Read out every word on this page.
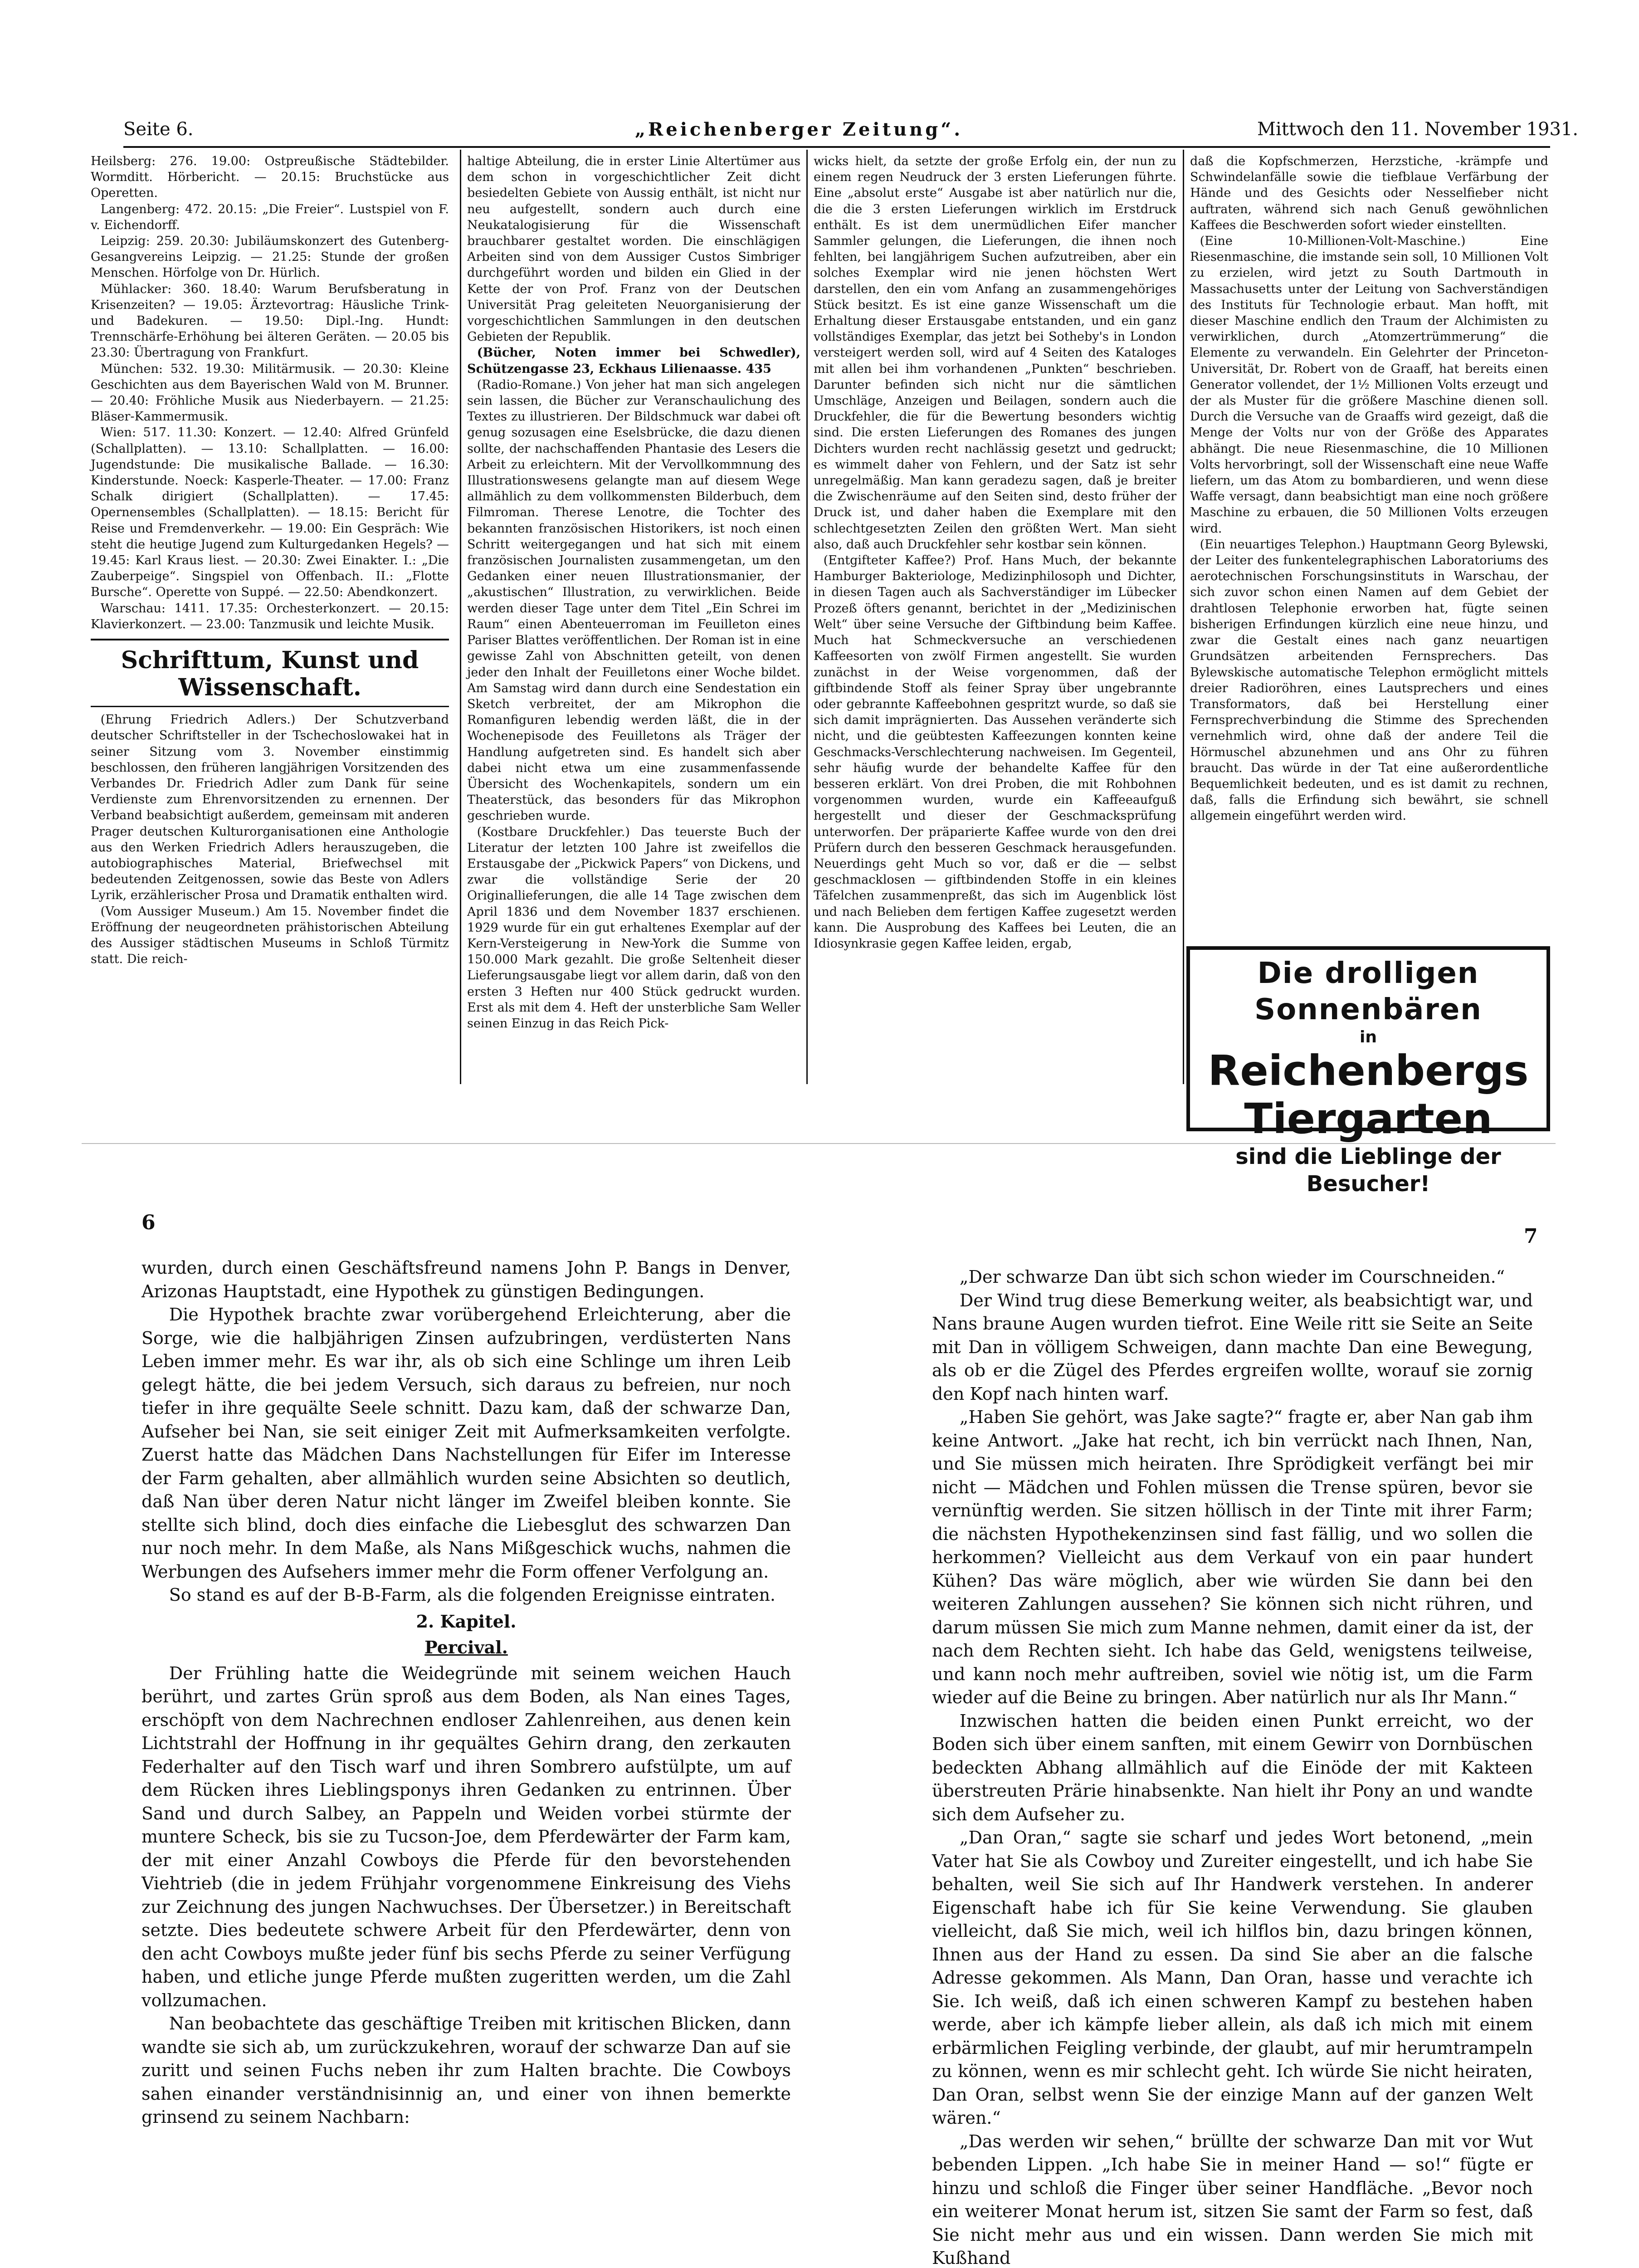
Seite 6.	„Reichenberger Zeitung“.	Mittwoch den 11. November 1931.

Heilsberg: 276. 19.00: Ostpreußische Städtebilder. Wormditt. Hörbericht. — 20.15: Bruchstücke aus Operetten.

Langenberg: 472. 20.15: „Die Freier“. Lustspiel von F. v. Eichendorff.

Leipzig: 259. 20.30: Jubiläumskonzert des Gutenberg-Gesangvereins Leipzig. — 21.25: Stunde der großen Menschen. Hörfolge von Dr. Hürlich.

Mühlacker: 360. 18.40: Warum Berufsberatung in Krisenzeiten? — 19.05: Ärztevortrag: Häusliche Trink- und Badekuren. — 19.50: Dipl.-Ing. Hundt: Trennschärfe-Erhöhung bei älteren Geräten. — 20.05 bis 23.30: Übertragung von Frankfurt.

München: 532. 19.30: Militärmusik. — 20.30: Kleine Geschichten aus dem Bayerischen Wald von M. Brunner. — 20.40: Fröhliche Musik aus Niederbayern. — 21.25: Bläser-Kammermusik.

Wien: 517. 11.30: Konzert. — 12.40: Alfred Grünfeld (Schallplatten). — 13.10: Schallplatten. — 16.00: Jugendstunde: Die musikalische Ballade. — 16.30: Kinderstunde. Noeck: Kasperle-Theater. — 17.00: Franz Schalk dirigiert (Schallplatten). — 17.45: Opernensembles (Schallplatten). — 18.15: Bericht für Reise und Fremdenverkehr. — 19.00: Ein Gespräch: Wie steht die heutige Jugend zum Kulturgedanken Hegels? — 19.45: Karl Kraus liest. — 20.30: Zwei Einakter. I.: „Die Zauberpeige“. Singspiel von Offenbach. II.: „Flotte Bursche“. Operette von Suppé. — 22.50: Abendkonzert.

Warschau: 1411. 17.35: Orchesterkonzert. — 20.15: Klavierkonzert. — 23.00: Tanzmusik und leichte Musik.

Schrifttum, Kunst und Wissenschaft.

(Ehrung Friedrich Adlers.) Der Schutzverband deutscher Schriftsteller in der Tschechoslowakei hat in seiner Sitzung vom 3. November einstimmig beschlossen, den früheren langjährigen Vorsitzenden des Verbandes Dr. Friedrich Adler zum Dank für seine Verdienste zum Ehrenvorsitzenden zu ernennen. Der Verband beabsichtigt außerdem, gemeinsam mit anderen Prager deutschen Kulturorganisationen eine Anthologie aus den Werken Friedrich Adlers herauszugeben, die autobiographisches Material, Briefwechsel mit bedeutenden Zeitgenossen, sowie das Beste von Adlers Lyrik, erzählerischer Prosa und Dramatik enthalten wird.

(Vom Aussiger Museum.) Am 15. November findet die Eröffnung der neugeordneten prähistorischen Abteilung des Aussiger städtischen Museums in Schloß Türmitz statt. Die reich-

haltige Abteilung, die in erster Linie Altertümer aus dem schon in vorgeschichtlicher Zeit dicht besiedelten Gebiete von Aussig enthält, ist nicht nur neu aufgestellt, sondern auch durch eine Neukatalogisierung für die Wissenschaft brauchbarer gestaltet worden. Die einschlägigen Arbeiten sind von dem Aussiger Custos Simbriger durchgeführt worden und bilden ein Glied in der Kette der von Prof. Franz von der Deutschen Universität Prag geleiteten Neuorganisierung der vorgeschichtlichen Sammlungen in den deutschen Gebieten der Republik.

(Bücher, Noten immer bei Schwedler), Schützengasse 23, Eckhaus Lilienaasse. 435

(Radio-Romane.) Von jeher hat man sich angelegen sein lassen, die Bücher zur Veranschaulichung des Textes zu illustrieren. Der Bildschmuck war dabei oft genug sozusagen eine Eselsbrücke, die dazu dienen sollte, der nachschaffenden Phantasie des Lesers die Arbeit zu erleichtern. Mit der Vervollkommnung des Illustrationswesens gelangte man auf diesem Wege allmählich zu dem vollkommensten Bilderbuch, dem Filmroman. Therese Lenotre, die Tochter des bekannten französischen Historikers, ist noch einen Schritt weitergegangen und hat sich mit einem französischen Journalisten zusammengetan, um den Gedanken einer neuen Illustrationsmanier, der „akustischen“ Illustration, zu verwirklichen. Beide werden dieser Tage unter dem Titel „Ein Schrei im Raum“ einen Abenteuerroman im Feuilleton eines Pariser Blattes veröffentlichen. Der Roman ist in eine gewisse Zahl von Abschnitten geteilt, von denen jeder den Inhalt der Feuilletons einer Woche bildet. Am Samstag wird dann durch eine Sendestation ein Sketch verbreitet, der am Mikrophon die Romanfiguren lebendig werden läßt, die in der Wochenepisode des Feuilletons als Träger der Handlung aufgetreten sind. Es handelt sich aber dabei nicht etwa um eine zusammenfassende Übersicht des Wochenkapitels, sondern um ein Theaterstück, das besonders für das Mikrophon geschrieben wurde.

(Kostbare Druckfehler.) Das teuerste Buch der Literatur der letzten 100 Jahre ist zweifellos die Erstausgabe der „Pickwick Papers“ von Dickens, und zwar die vollständige Serie der 20 Originallieferungen, die alle 14 Tage zwischen dem April 1836 und dem November 1837 erschienen. 1929 wurde für ein gut erhaltenes Exemplar auf der Kern-Versteigerung in New-York die Summe von 150.000 Mark gezahlt. Die große Seltenheit dieser Lieferungsausgabe liegt vor allem darin, daß von den ersten 3 Heften nur 400 Stück gedruckt wurden. Erst als mit dem 4. Heft der unsterbliche Sam Weller seinen Einzug in das Reich Pick-

wicks hielt, da setzte der große Erfolg ein, der nun zu einem regen Neudruck der 3 ersten Lieferungen führte. Eine „absolut erste“ Ausgabe ist aber natürlich nur die, die die 3 ersten Lieferungen wirklich im Erstdruck enthält. Es ist dem unermüdlichen Eifer mancher Sammler gelungen, die Lieferungen, die ihnen noch fehlten, bei langjährigem Suchen aufzutreiben, aber ein solches Exemplar wird nie jenen höchsten Wert darstellen, den ein vom Anfang an zusammengehöriges Stück besitzt. Es ist eine ganze Wissenschaft um die Erhaltung dieser Erstausgabe entstanden, und ein ganz vollständiges Exemplar, das jetzt bei Sotheby's in London versteigert werden soll, wird auf 4 Seiten des Kataloges mit allen bei ihm vorhandenen „Punkten“ beschrieben. Darunter befinden sich nicht nur die sämtlichen Umschläge, Anzeigen und Beilagen, sondern auch die Druckfehler, die für die Bewertung besonders wichtig sind. Die ersten Lieferungen des Romanes des jungen Dichters wurden recht nachlässig gesetzt und gedruckt; es wimmelt daher von Fehlern, und der Satz ist sehr unregelmäßig. Man kann geradezu sagen, daß je breiter die Zwischenräume auf den Seiten sind, desto früher der Druck ist, und daher haben die Exemplare mit den schlechtgesetzten Zeilen den größten Wert. Man sieht also, daß auch Druckfehler sehr kostbar sein können.

(Entgifteter Kaffee?) Prof. Hans Much, der bekannte Hamburger Bakteriologe, Medizinphilosoph und Dichter, in diesen Tagen auch als Sachverständiger im Lübecker Prozeß öfters genannt, berichtet in der „Medizinischen Welt“ über seine Versuche der Giftbindung beim Kaffee. Much hat Schmeckversuche an verschiedenen Kaffeesorten von zwölf Firmen angestellt. Sie wurden zunächst in der Weise vorgenommen, daß der giftbindende Stoff als feiner Spray über ungebrannte oder gebrannte Kaffeebohnen gespritzt wurde, so daß sie sich damit imprägnierten. Das Aussehen veränderte sich nicht, und die geübtesten Kaffeezungen konnten keine Geschmacks-Verschlechterung nachweisen. Im Gegenteil, sehr häufig wurde der behandelte Kaffee für den besseren erklärt. Von drei Proben, die mit Rohbohnen vorgenommen wurden, wurde ein Kaffeeaufguß hergestellt und dieser der Geschmacksprüfung unterworfen. Der präparierte Kaffee wurde von den drei Prüfern durch den besseren Geschmack herausgefunden. Neuerdings geht Much so vor, daß er die — selbst geschmacklosen — giftbindenden Stoffe in ein kleines Täfelchen zusammenpreßt, das sich im Augenblick löst und nach Belieben dem fertigen Kaffee zugesetzt werden kann. Die Ausprobung des Kaffees bei Leuten, die an Idiosynkrasie gegen Kaffee leiden, ergab,

daß die Kopfschmerzen, Herzstiche, -krämpfe und Schwindelanfälle sowie die tiefblaue Verfärbung der Hände und des Gesichts oder Nesselfieber nicht auftraten, während sich nach Genuß gewöhnlichen Kaffees die Beschwerden sofort wieder einstellten.

(Eine 10-Millionen-Volt-Maschine.) Eine Riesenmaschine, die imstande sein soll, 10 Millionen Volt zu erzielen, wird jetzt zu South Dartmouth in Massachusetts unter der Leitung von Sachverständigen des Instituts für Technologie erbaut. Man hofft, mit dieser Maschine endlich den Traum der Alchimisten zu verwirklichen, durch „Atomzertrümmerung“ die Elemente zu verwandeln. Ein Gelehrter der Princeton-Universität, Dr. Robert von de Graaff, hat bereits einen Generator vollendet, der 1½ Millionen Volts erzeugt und der als Muster für die größere Maschine dienen soll. Durch die Versuche van de Graaffs wird gezeigt, daß die Menge der Volts nur von der Größe des Apparates abhängt. Die neue Riesenmaschine, die 10 Millionen Volts hervorbringt, soll der Wissenschaft eine neue Waffe liefern, um das Atom zu bombardieren, und wenn diese Waffe versagt, dann beabsichtigt man eine noch größere Maschine zu erbauen, die 50 Millionen Volts erzeugen wird.

(Ein neuartiges Telephon.) Hauptmann Georg Bylewski, der Leiter des funkentelegraphischen Laboratoriums des aerotechnischen Forschungsinstituts in Warschau, der sich zuvor schon einen Namen auf dem Gebiet der drahtlosen Telephonie erworben hat, fügte seinen bisherigen Erfindungen kürzlich eine neue hinzu, und zwar die Gestalt eines nach ganz neuartigen Grundsätzen arbeitenden Fernsprechers. Das Bylewskische automatische Telephon ermöglicht mittels dreier Radioröhren, eines Lautsprechers und eines Transformators, daß bei Herstellung einer Fernsprechverbindung die Stimme des Sprechenden vernehmlich wird, ohne daß der andere Teil die Hörmuschel abzunehmen und ans Ohr zu führen braucht. Das würde in der Tat eine außerordentliche Bequemlichkeit bedeuten, und es ist damit zu rechnen, daß, falls die Erfindung sich bewährt, sie schnell allgemein eingeführt werden wird.

Die drolligen Sonnenbären
in
Reichenbergs Tiergarten
sind die Lieblinge der Besucher!
6
7

wurden, durch einen Geschäftsfreund namens John P. Bangs in Denver, Arizonas Hauptstadt, eine Hypothek zu günstigen Bedingungen.

Die Hypothek brachte zwar vorübergehend Erleichterung, aber die Sorge, wie die halbjährigen Zinsen aufzubringen, verdüsterten Nans Leben immer mehr. Es war ihr, als ob sich eine Schlinge um ihren Leib gelegt hätte, die bei jedem Versuch, sich daraus zu befreien, nur noch tiefer in ihre gequälte Seele schnitt. Dazu kam, daß der schwarze Dan, Aufseher bei Nan, sie seit einiger Zeit mit Aufmerksamkeiten verfolgte. Zuerst hatte das Mädchen Dans Nachstellungen für Eifer im Interesse der Farm gehalten, aber allmählich wurden seine Absichten so deutlich, daß Nan über deren Natur nicht länger im Zweifel bleiben konnte. Sie stellte sich blind, doch dies einfache die Liebesglut des schwarzen Dan nur noch mehr. In dem Maße, als Nans Mißgeschick wuchs, nahmen die Werbungen des Aufsehers immer mehr die Form offener Verfolgung an.

So stand es auf der B-B-Farm, als die folgenden Ereignisse eintraten.

2. Kapitel.
Percival.

Der Frühling hatte die Weidegründe mit seinem weichen Hauch berührt, und zartes Grün sproß aus dem Boden, als Nan eines Tages, erschöpft von dem Nachrechnen endloser Zahlenreihen, aus denen kein Lichtstrahl der Hoffnung in ihr gequältes Gehirn drang, den zerkauten Federhalter auf den Tisch warf und ihren Sombrero aufstülpte, um auf dem Rücken ihres Lieblingsponys ihren Gedanken zu entrinnen. Über Sand und durch Salbey, an Pappeln und Weiden vorbei stürmte der muntere Scheck, bis sie zu Tucson-Joe, dem Pferdewärter der Farm kam, der mit einer Anzahl Cowboys die Pferde für den bevorstehenden Viehtrieb (die in jedem Frühjahr vorgenommene Einkreisung des Viehs zur Zeichnung des jungen Nachwuchses. Der Übersetzer.) in Bereitschaft setzte. Dies bedeutete schwere Arbeit für den Pferdewärter, denn von den acht Cowboys mußte jeder fünf bis sechs Pferde zu seiner Verfügung haben, und etliche junge Pferde mußten zugeritten werden, um die Zahl vollzumachen.

Nan beobachtete das geschäftige Treiben mit kritischen Blicken, dann wandte sie sich ab, um zurückzukehren, worauf der schwarze Dan auf sie zuritt und seinen Fuchs neben ihr zum Halten brachte. Die Cowboys sahen einander verständnisinnig an, und einer von ihnen bemerkte grinsend zu seinem Nachbarn:

„Der schwarze Dan übt sich schon wieder im Courschneiden.“

Der Wind trug diese Bemerkung weiter, als beabsichtigt war, und Nans braune Augen wurden tiefrot. Eine Weile ritt sie Seite an Seite mit Dan in völligem Schweigen, dann machte Dan eine Bewegung, als ob er die Zügel des Pferdes ergreifen wollte, worauf sie zornig den Kopf nach hinten warf.

„Haben Sie gehört, was Jake sagte?“ fragte er, aber Nan gab ihm keine Antwort. „Jake hat recht, ich bin verrückt nach Ihnen, Nan, und Sie müssen mich heiraten. Ihre Sprödigkeit verfängt bei mir nicht — Mädchen und Fohlen müssen die Trense spüren, bevor sie vernünftig werden. Sie sitzen höllisch in der Tinte mit ihrer Farm; die nächsten Hypothekenzinsen sind fast fällig, und wo sollen die herkommen? Vielleicht aus dem Verkauf von ein paar hundert Kühen? Das wäre möglich, aber wie würden Sie dann bei den weiteren Zahlungen aussehen? Sie können sich nicht rühren, und darum müssen Sie mich zum Manne nehmen, damit einer da ist, der nach dem Rechten sieht. Ich habe das Geld, wenigstens teilweise, und kann noch mehr auftreiben, soviel wie nötig ist, um die Farm wieder auf die Beine zu bringen. Aber natürlich nur als Ihr Mann.“

Inzwischen hatten die beiden einen Punkt erreicht, wo der Boden sich über einem sanften, mit einem Gewirr von Dornbüschen bedeckten Abhang allmählich auf die Einöde der mit Kakteen überstreuten Prärie hinabsenkte. Nan hielt ihr Pony an und wandte sich dem Aufseher zu.

„Dan Oran,“ sagte sie scharf und jedes Wort betonend, „mein Vater hat Sie als Cowboy und Zureiter eingestellt, und ich habe Sie behalten, weil Sie sich auf Ihr Handwerk verstehen. In anderer Eigenschaft habe ich für Sie keine Verwendung. Sie glauben vielleicht, daß Sie mich, weil ich hilflos bin, dazu bringen können, Ihnen aus der Hand zu essen. Da sind Sie aber an die falsche Adresse gekommen. Als Mann, Dan Oran, hasse und verachte ich Sie. Ich weiß, daß ich einen schweren Kampf zu bestehen haben werde, aber ich kämpfe lieber allein, als daß ich mich mit einem erbärmlichen Feigling verbinde, der glaubt, auf mir herumtrampeln zu können, wenn es mir schlecht geht. Ich würde Sie nicht heiraten, Dan Oran, selbst wenn Sie der einzige Mann auf der ganzen Welt wären.“

„Das werden wir sehen,“ brüllte der schwarze Dan mit vor Wut bebenden Lippen. „Ich habe Sie in meiner Hand — so!“ fügte er hinzu und schloß die Finger über seiner Handfläche. „Bevor noch ein weiterer Monat herum ist, sitzen Sie samt der Farm so fest, daß Sie nicht mehr aus und ein wissen. Dann werden Sie mich mit Kußhand
